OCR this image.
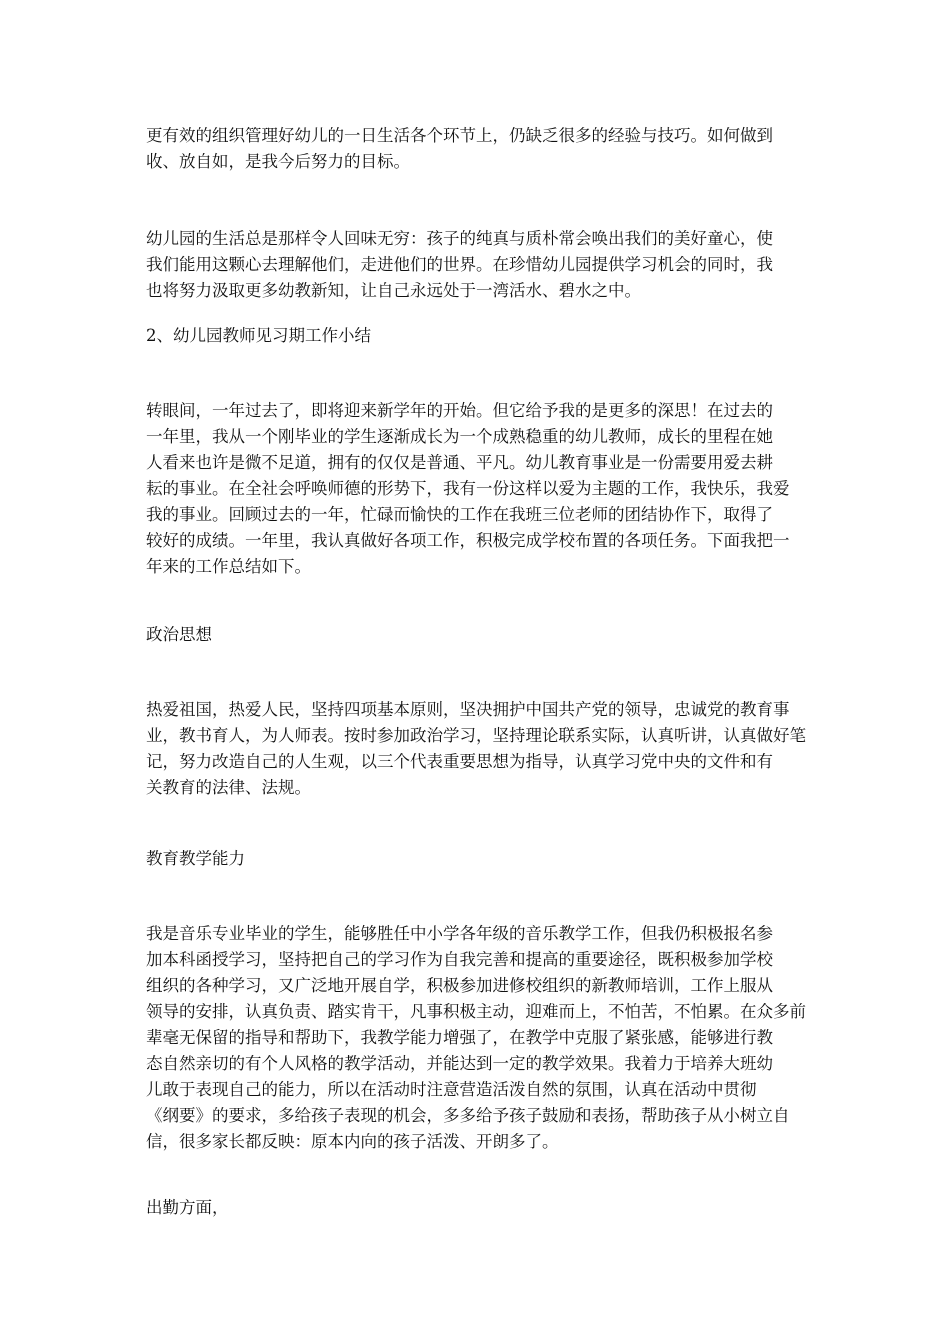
更有效的组织管理好幼儿的一日生活各个环节上，仍缺乏很多的经验与技巧。如何做到
收、放自如，是我今后努力的目标。

幼儿园的生活总是那样令人回味无穷：孩子的纯真与质朴常会唤出我们的美好童心，使
我们能用这颗心去理解他们，走进他们的世界。在珍惜幼儿园提供学习机会的同时，我
也将努力汲取更多幼教新知，让自己永远处于一湾活水、碧水之中。

2、幼儿园教师见习期工作小结

转眼间，一年过去了，即将迎来新学年的开始。但它给予我的是更多的深思！在过去的
一年里，我从一个刚毕业的学生逐渐成长为一个成熟稳重的幼儿教师，成长的里程在她
人看来也许是微不足道，拥有的仅仅是普通、平凡。幼儿教育事业是一份需要用爱去耕
耘的事业。在全社会呼唤师德的形势下，我有一份这样以爱为主题的工作，我快乐，我爱
我的事业。回顾过去的一年，忙碌而愉快的工作在我班三位老师的团结协作下，取得了
较好的成绩。一年里，我认真做好各项工作，积极完成学校布置的各项任务。下面我把一
年来的工作总结如下。

政治思想

热爱祖国，热爱人民，坚持四项基本原则，坚决拥护中国共产党的领导，忠诚党的教育事
业，教书育人，为人师表。按时参加政治学习，坚持理论联系实际，认真听讲，认真做好笔
记，努力改造自己的人生观，以三个代表重要思想为指导，认真学习党中央的文件和有
关教育的法律、法规。

教育教学能力

我是音乐专业毕业的学生，能够胜任中小学各年级的音乐教学工作，但我仍积极报名参
加本科函授学习，坚持把自己的学习作为自我完善和提高的重要途径，既积极参加学校
组织的各种学习，又广泛地开展自学，积极参加进修校组织的新教师培训，工作上服从
领导的安排，认真负责、踏实肯干，凡事积极主动，迎难而上，不怕苦，不怕累。在众多前
辈毫无保留的指导和帮助下，我教学能力增强了，在教学中克服了紧张感，能够进行教
态自然亲切的有个人风格的教学活动，并能达到一定的教学效果。我着力于培养大班幼
儿敢于表现自己的能力，所以在活动时注意营造活泼自然的氛围，认真在活动中贯彻
《纲要》的要求，多给孩子表现的机会，多多给予孩子鼓励和表扬，帮助孩子从小树立自
信，很多家长都反映：原本内向的孩子活泼、开朗多了。

出勤方面，
